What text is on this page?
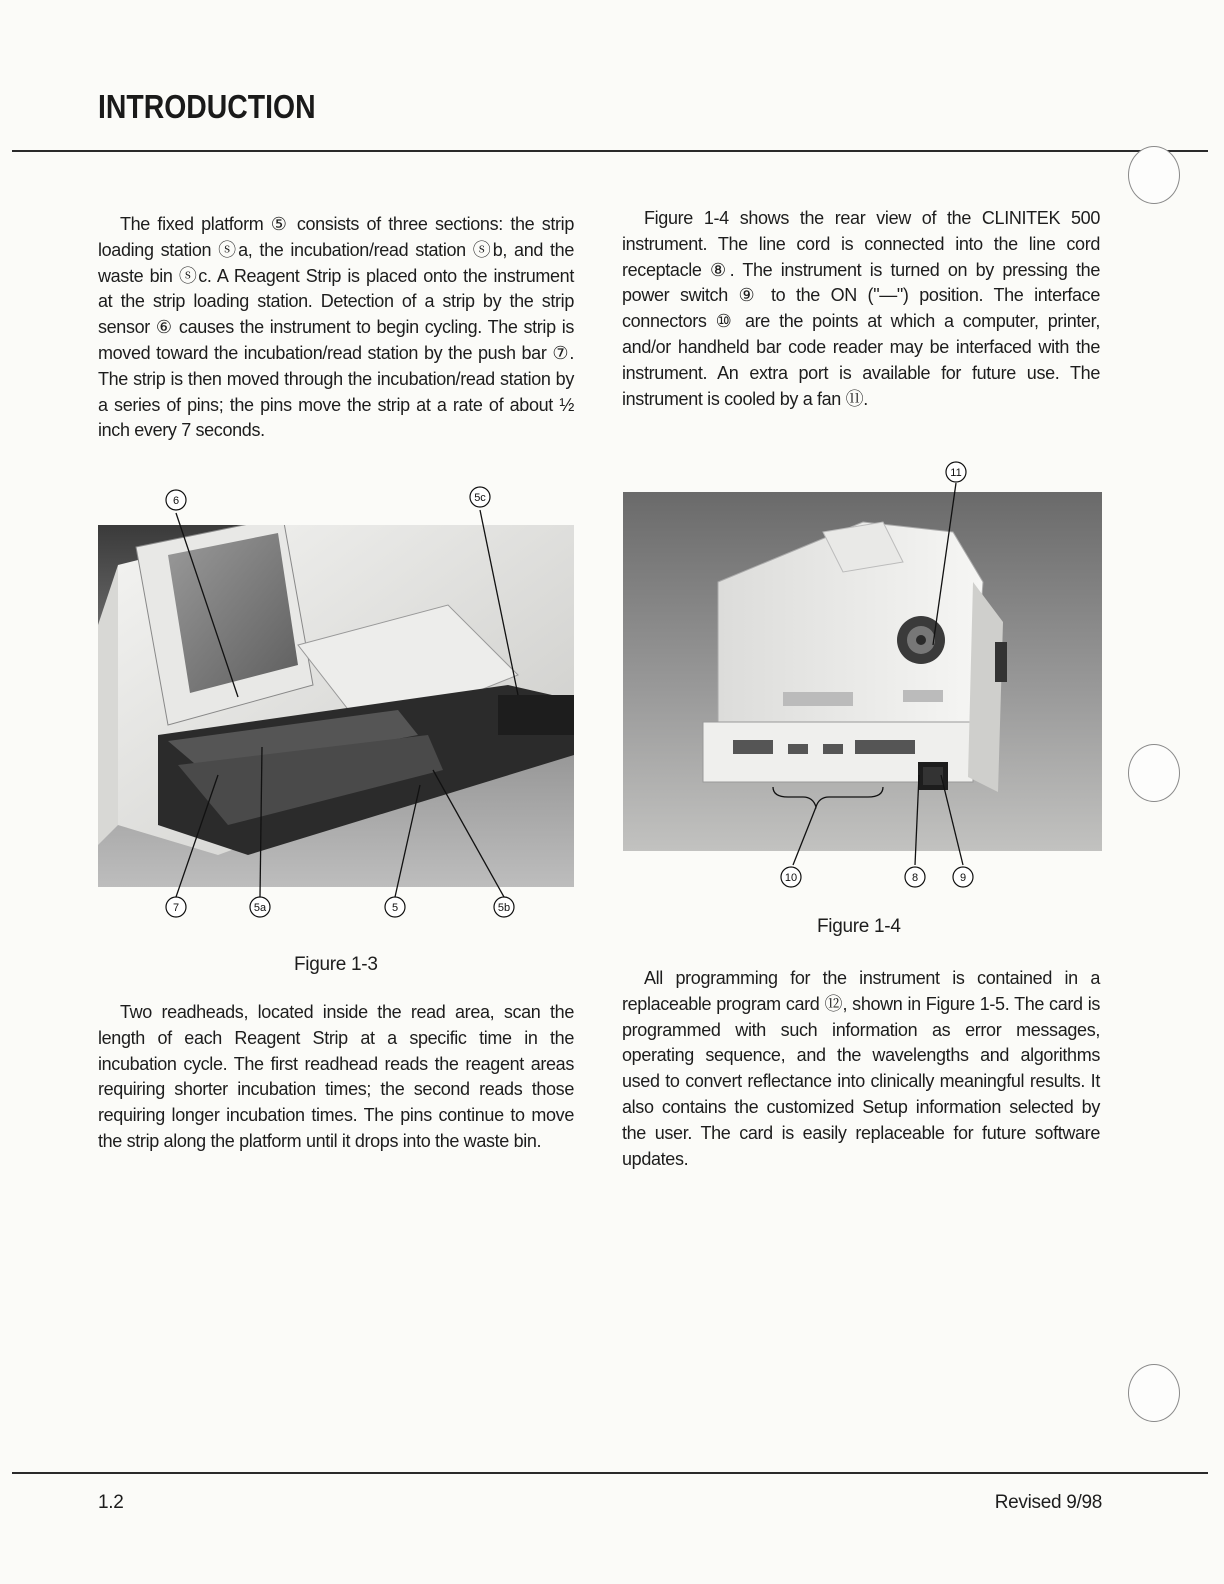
INTRODUCTION

The fixed platform ⑤ consists of three sections: the strip loading station ⓢa, the incubation/read station ⓢb, and the waste bin ⓢc. A Reagent Strip is placed onto the instrument at the strip loading station. Detection of a strip by the strip sensor ⑥ causes the instrument to begin cycling. The strip is moved toward the incubation/read station by the push bar ⑦. The strip is then moved through the incubation/read station by a series of pins; the pins move the strip at a rate of about ½ inch every 7 seconds.

6	5c
7	5a	5	5b
Figure 1-3

Two readheads, located inside the read area, scan the length of each Reagent Strip at a specific time in the incubation cycle. The first readhead reads the reagent areas requiring shorter incubation times; the second reads those requiring longer incubation times. The pins continue to move the strip along the platform until it drops into the waste bin.

Figure 1-4 shows the rear view of the CLINITEK 500 instrument. The line cord is connected into the line cord receptacle ⑧. The instrument is turned on by pressing the power switch ⑨ to the ON ("—") position. The interface connectors ⑩ are the points at which a computer, printer, and/or handheld bar code reader may be interfaced with the instrument. An extra port is available for future use. The instrument is cooled by a fan ⑪.

11
10	8	9
Figure 1-4

All programming for the instrument is contained in a replaceable program card ⑫, shown in Figure 1-5. The card is programmed with such information as error messages, operating sequence, and the wavelengths and algorithms used to convert reflectance into clinically meaningful results. It also contains the customized Setup information selected by the user. The card is easily replaceable for future software updates.

1.2	Revised 9/98
